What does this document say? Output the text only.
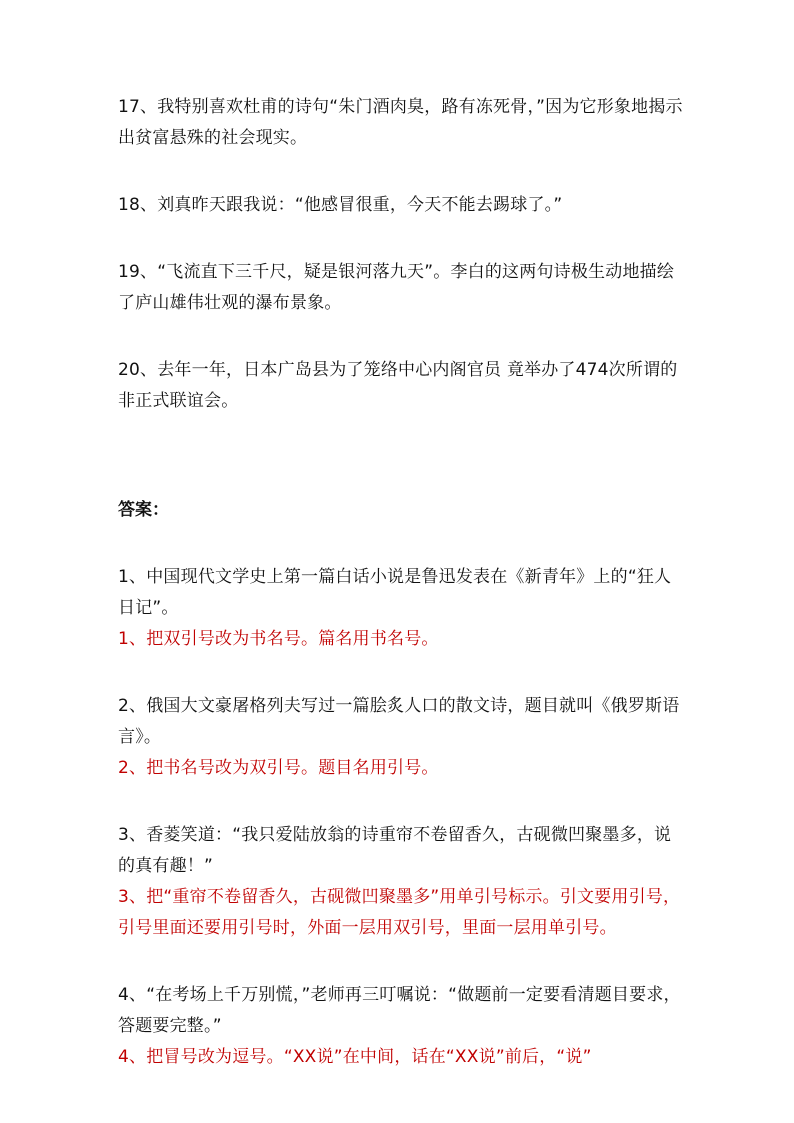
17、我特别喜欢杜甫的诗句“朱门酒肉臭，路有冻死骨，”因为它形象地揭示出贫富悬殊的社会现实。

18、刘真昨天跟我说：“他感冒很重，今天不能去踢球了。”

19、“飞流直下三千尺，疑是银河落九天”。李白的这两句诗极生动地描绘了庐山雄伟壮观的瀑布景象。

20、去年一年，日本广岛县为了笼络中心内阁官员 竟举办了474次所谓的非正式联谊会。

答案：

1、中国现代文学史上第一篇白话小说是鲁迅发表在《新青年》上的“狂人日记”。

1、把双引号改为书名号。篇名用书名号。

2、俄国大文豪屠格列夫写过一篇脍炙人口的散文诗，题目就叫《俄罗斯语言》。

2、把书名号改为双引号。题目名用引号。

3、香菱笑道：“我只爱陆放翁的诗重帘不卷留香久，古砚微凹聚墨多，说的真有趣！”

3、把“重帘不卷留香久，古砚微凹聚墨多”用单引号标示。引文要用引号，引号里面还要用引号时，外面一层用双引号，里面一层用单引号。

4、“在考场上千万别慌，”老师再三叮嘱说：“做题前一定要看清题目要求，答题要完整。”

4、把冒号改为逗号。“XX说”在中间，话在“XX说”前后，“说”
